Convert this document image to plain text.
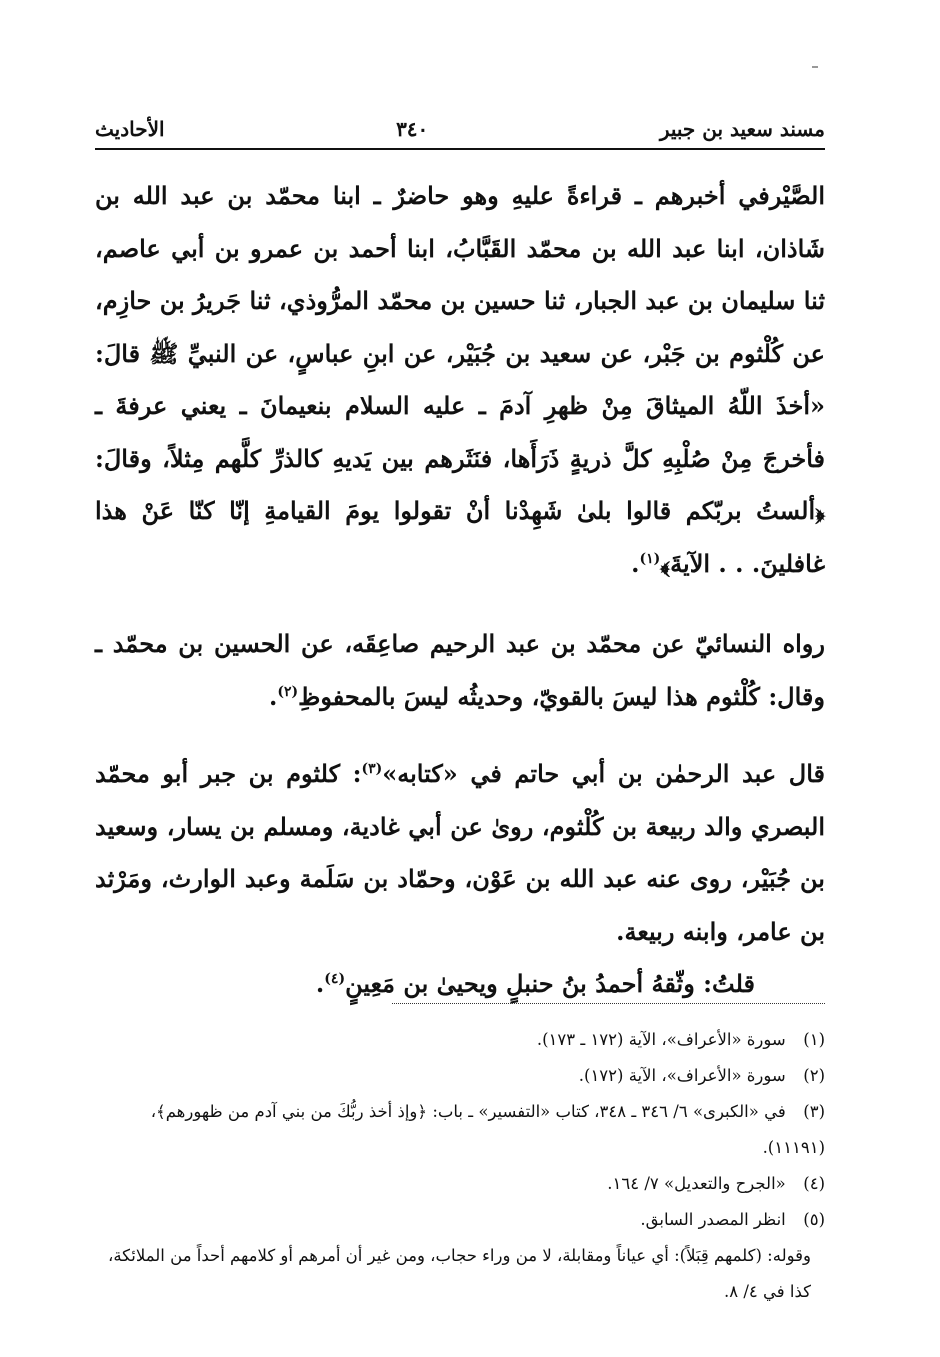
مسند سعيد بن جبير
٣٤٠
الأحاديث

الصَّيْرفي أخبرهم ـ قراءةً عليهِ وهو حاضرٌ ـ ابنا محمّد بن عبد الله بن شَاذان، ابنا عبد الله بن محمّد القَبَّابُ، ابنا أحمد بن عمرو بن أبي عاصم، ثنا سليمان بن عبد الجبار، ثنا حسين بن محمّد المرُّوذي، ثنا جَريرُ بن حازِم، عن كُلْثوم بن جَبْر، عن سعيد بن جُبَيْر، عن ابنِ عباسٍ، عن النبيِّ ﷺ قالَ: «أخذَ اللّهُ الميثاقَ مِنْ ظهرِ آدمَ ـ عليه السلام بنعيمانَ ـ يعني عرفةَ ـ فأخرجَ مِنْ صُلْبِهِ كلَّ ذريةٍ ذَرَأَها، فنَثَرهم بين يَديهِ كالذرِّ كلَّهم مِثلاً، وقالَ: ﴿ألستُ بربّكم قالوا بلىٰ شَهِدْنا أنْ تقولوا يومَ القيامةِ إنّا كنّا عَنْ هذا غافلينَ. . . الآيةَ﴾$^{(١)}$.

رواه النسائيّ عن محمّد بن عبد الرحيم صاعِقَه، عن الحسين بن محمّد ـ وقال: كُلْثوم هذا ليسَ بالقويّ، وحديثُه ليسَ بالمحفوظِ$^{(٢)}$.

قال عبد الرحمٰن بن أبي حاتم في «كتابه»$^{(٣)}$: كلثوم بن جبر أبو محمّد البصري والد ربيعة بن كُلْثوم، روىٰ عن أبي غادية، ومسلم بن يسار، وسعيد بن جُبَيْر، روى عنه عبد الله بن عَوْن، وحمّاد بن سَلَمة وعبد الوارث، ومَرْثد بن عامر، وابنه ربيعة.

قلتُ: وثّقهُ أحمدُ بنُ حنبلٍ ويحيىٰ بن مَعِينٍ$^{(٤)}$.

(١) سورة «الأعراف»، الآية (١٧٢ ـ ١٧٣).
(٢) سورة «الأعراف»، الآية (١٧٢).
(٣) في «الكبرى» ٦/ ٣٤٦ ـ ٣٤٨، كتاب «التفسير» ـ باب: ﴿وإذ أخذ ربُّكَ من بني آدم من ظهورهم﴾، (١١١٩١).
(٤) «الجرح والتعديل» ٧/ ١٦٤.
(٥) انظر المصدر السابق.
وقوله: (كلمهم قِبَلاً): أي عياناً ومقابلة، لا من وراء حجاب، ومن غير أن أمرهم أو كلامهم أحداً من الملائكة، كذا في ٤/ ٨.
